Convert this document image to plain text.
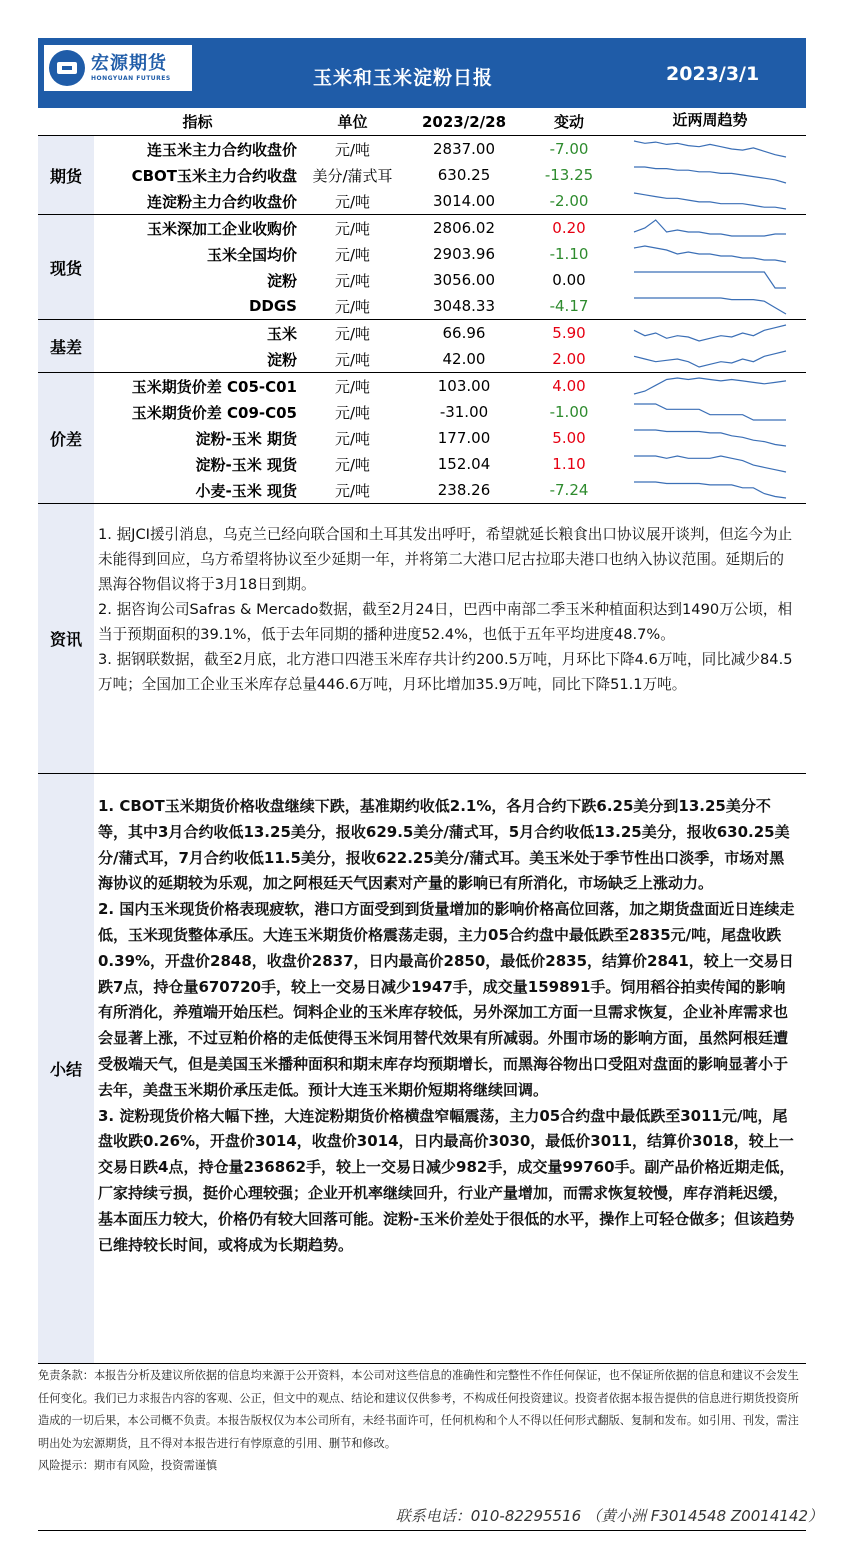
宏源期货
HONGYUAN FUTURES	玉米和玉米淀粉日报	2023/3/1
指标	单位	2023/2/28	变动	近两周趋势
期货
连玉米主力合约收盘价	元/吨	2837.00	-7.00
CBOT玉米主力合约收盘	美分/蒲式耳	630.25	-13.25
连淀粉主力合约收盘价	元/吨	3014.00	-2.00
现货
玉米深加工企业收购价	元/吨	2806.02	0.20
玉米全国均价	元/吨	2903.96	-1.10
淀粉	元/吨	3056.00	0.00
DDGS	元/吨	3048.33	-4.17
基差
玉米	元/吨	66.96	5.90
淀粉	元/吨	42.00	2.00
价差
玉米期货价差 C05-C01	元/吨	103.00	4.00
玉米期货价差 C09-C05	元/吨	-31.00	-1.00
淀粉-玉米 期货	元/吨	177.00	5.00
淀粉-玉米 现货	元/吨	152.04	1.10
小麦-玉米 现货	元/吨	238.26	-7.24
资讯

1. 据JCI援引消息，乌克兰已经向联合国和土耳其发出呼吁，希望就延长粮食出口协议展开谈判，但迄今为止未能得到回应，乌方希望将协议至少延期一年，并将第二大港口尼古拉耶夫港口也纳入协议范围。延期后的黑海谷物倡议将于3月18日到期。

2. 据咨询公司Safras & Mercado数据，截至2月24日，巴西中南部二季玉米种植面积达到1490万公顷，相当于预期面积的39.1%，低于去年同期的播种进度52.4%，也低于五年平均进度48.7%。

3. 据钢联数据，截至2月底，北方港口四港玉米库存共计约200.5万吨，月环比下降4.6万吨，同比减少84.5万吨；全国加工企业玉米库存总量446.6万吨，月环比增加35.9万吨，同比下降51.1万吨。

小结

1. CBOT玉米期货价格收盘继续下跌，基准期约收低2.1%，各月合约下跌6.25美分到13.25美分不等，其中3月合约收低13.25美分，报收629.5美分/蒲式耳，5月合约收低13.25美分，报收630.25美分/蒲式耳，7月合约收低11.5美分，报收622.25美分/蒲式耳。美玉米处于季节性出口淡季，市场对黑海协议的延期较为乐观，加之阿根廷天气因素对产量的影响已有所消化，市场缺乏上涨动力。

2. 国内玉米现货价格表现疲软，港口方面受到到货量增加的影响价格高位回落，加之期货盘面近日连续走低，玉米现货整体承压。大连玉米期货价格震荡走弱，主力05合约盘中最低跌至2835元/吨，尾盘收跌0.39%，开盘价2848，收盘价2837，日内最高价2850，最低价2835，结算价2841，较上一交易日跌7点，持仓量670720手，较上一交易日减少1947手，成交量159891手。饲用稻谷拍卖传闻的影响有所消化，养殖端开始压栏。饲料企业的玉米库存较低，另外深加工方面一旦需求恢复，企业补库需求也会显著上涨，不过豆粕价格的走低使得玉米饲用替代效果有所减弱。外围市场的影响方面，虽然阿根廷遭受极端天气，但是美国玉米播种面积和期末库存均预期增长，而黑海谷物出口受阻对盘面的影响显著小于去年，美盘玉米期价承压走低。预计大连玉米期价短期将继续回调。

3. 淀粉现货价格大幅下挫，大连淀粉期货价格横盘窄幅震荡，主力05合约盘中最低跌至3011元/吨，尾盘收跌0.26%，开盘价3014，收盘价3014，日内最高价3030，最低价3011，结算价3018，较上一交易日跌4点，持仓量236862手，较上一交易日减少982手，成交量99760手。副产品价格近期走低，厂家持续亏损，挺价心理较强；企业开机率继续回升，行业产量增加，而需求恢复较慢，库存消耗迟缓，基本面压力较大，价格仍有较大回落可能。淀粉-玉米价差处于很低的水平，操作上可轻仓做多；但该趋势已维持较长时间，或将成为长期趋势。

免责条款：本报告分析及建议所依据的信息均来源于公开资料，本公司对这些信息的准确性和完整性不作任何保证，也不保证所依据的信息和建议不会发生任何变化。我们已力求报告内容的客观、公正，但文中的观点、结论和建议仅供参考，不构成任何投资建议。投资者依据本报告提供的信息进行期货投资所造成的一切后果，本公司概不负责。本报告版权仅为本公司所有，未经书面许可，任何机构和个人不得以任何形式翻版、复制和发布。如引用、刊发，需注明出处为宏源期货，且不得对本报告进行有悖原意的引用、删节和修改。

风险提示：期市有风险，投资需谨慎

联系电话：010-82295516 （黄小洲 F3014548 Z0014142）
